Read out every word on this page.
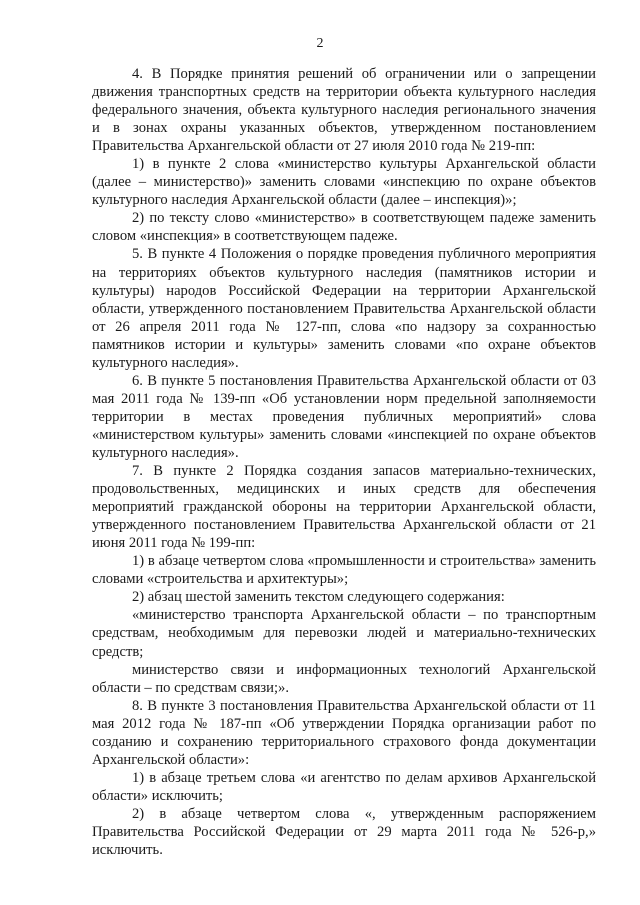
2

4. В Порядке принятия решений об ограничении или о запрещении движения транспортных средств на территории объекта культурного наследия федерального значения, объекта культурного наследия регионального значения и в зонах охраны указанных объектов, утвержденном постановлением Правительства Архангельской области от 27 июля 2010 года № 219-пп:

1) в пункте 2 слова «министерство культуры Архангельской области (далее – министерство)» заменить словами «инспекцию по охране объектов культурного наследия Архангельской области (далее – инспекция)»;

2) по тексту слово «министерство» в соответствующем падеже заменить словом «инспекция» в соответствующем падеже.

5. В пункте 4 Положения о порядке проведения публичного мероприятия на территориях объектов культурного наследия (памятников истории и культуры) народов Российской Федерации на территории Архангельской области, утвержденного постановлением Правительства Архангельской области от 26 апреля 2011 года № 127-пп, слова «по надзору за сохранностью памятников истории и культуры» заменить словами «по охране объектов культурного наследия».

6. В пункте 5 постановления Правительства Архангельской области от 03 мая 2011 года № 139-пп «Об установлении норм предельной заполняемости территории в местах проведения публичных мероприятий» слова «министерством культуры» заменить словами «инспекцией по охране объектов культурного наследия».

7. В пункте 2 Порядка создания запасов материально-технических, продовольственных, медицинских и иных средств для обеспечения мероприятий гражданской обороны на территории Архангельской области, утвержденного постановлением Правительства Архангельской области от 21 июня 2011 года № 199-пп:

1) в абзаце четвертом слова «промышленности и строительства» заменить словами «строительства и архитектуры»;

2) абзац шестой заменить текстом следующего содержания:

«министерство транспорта Архангельской области – по транспортным средствам, необходимым для перевозки людей и материально-технических средств;

министерство связи и информационных технологий Архангельской области – по средствам связи;».

8. В пункте 3 постановления Правительства Архангельской области от 11 мая 2012 года № 187-пп «Об утверждении Порядка организации работ по созданию и сохранению территориального страхового фонда документации Архангельской области»:

1) в абзаце третьем слова «и агентство по делам архивов Архангельской области» исключить;

2) в абзаце четвертом слова «, утвержденным распоряжением Правительства Российской Федерации от 29 марта 2011 года № 526-р,» исключить.
